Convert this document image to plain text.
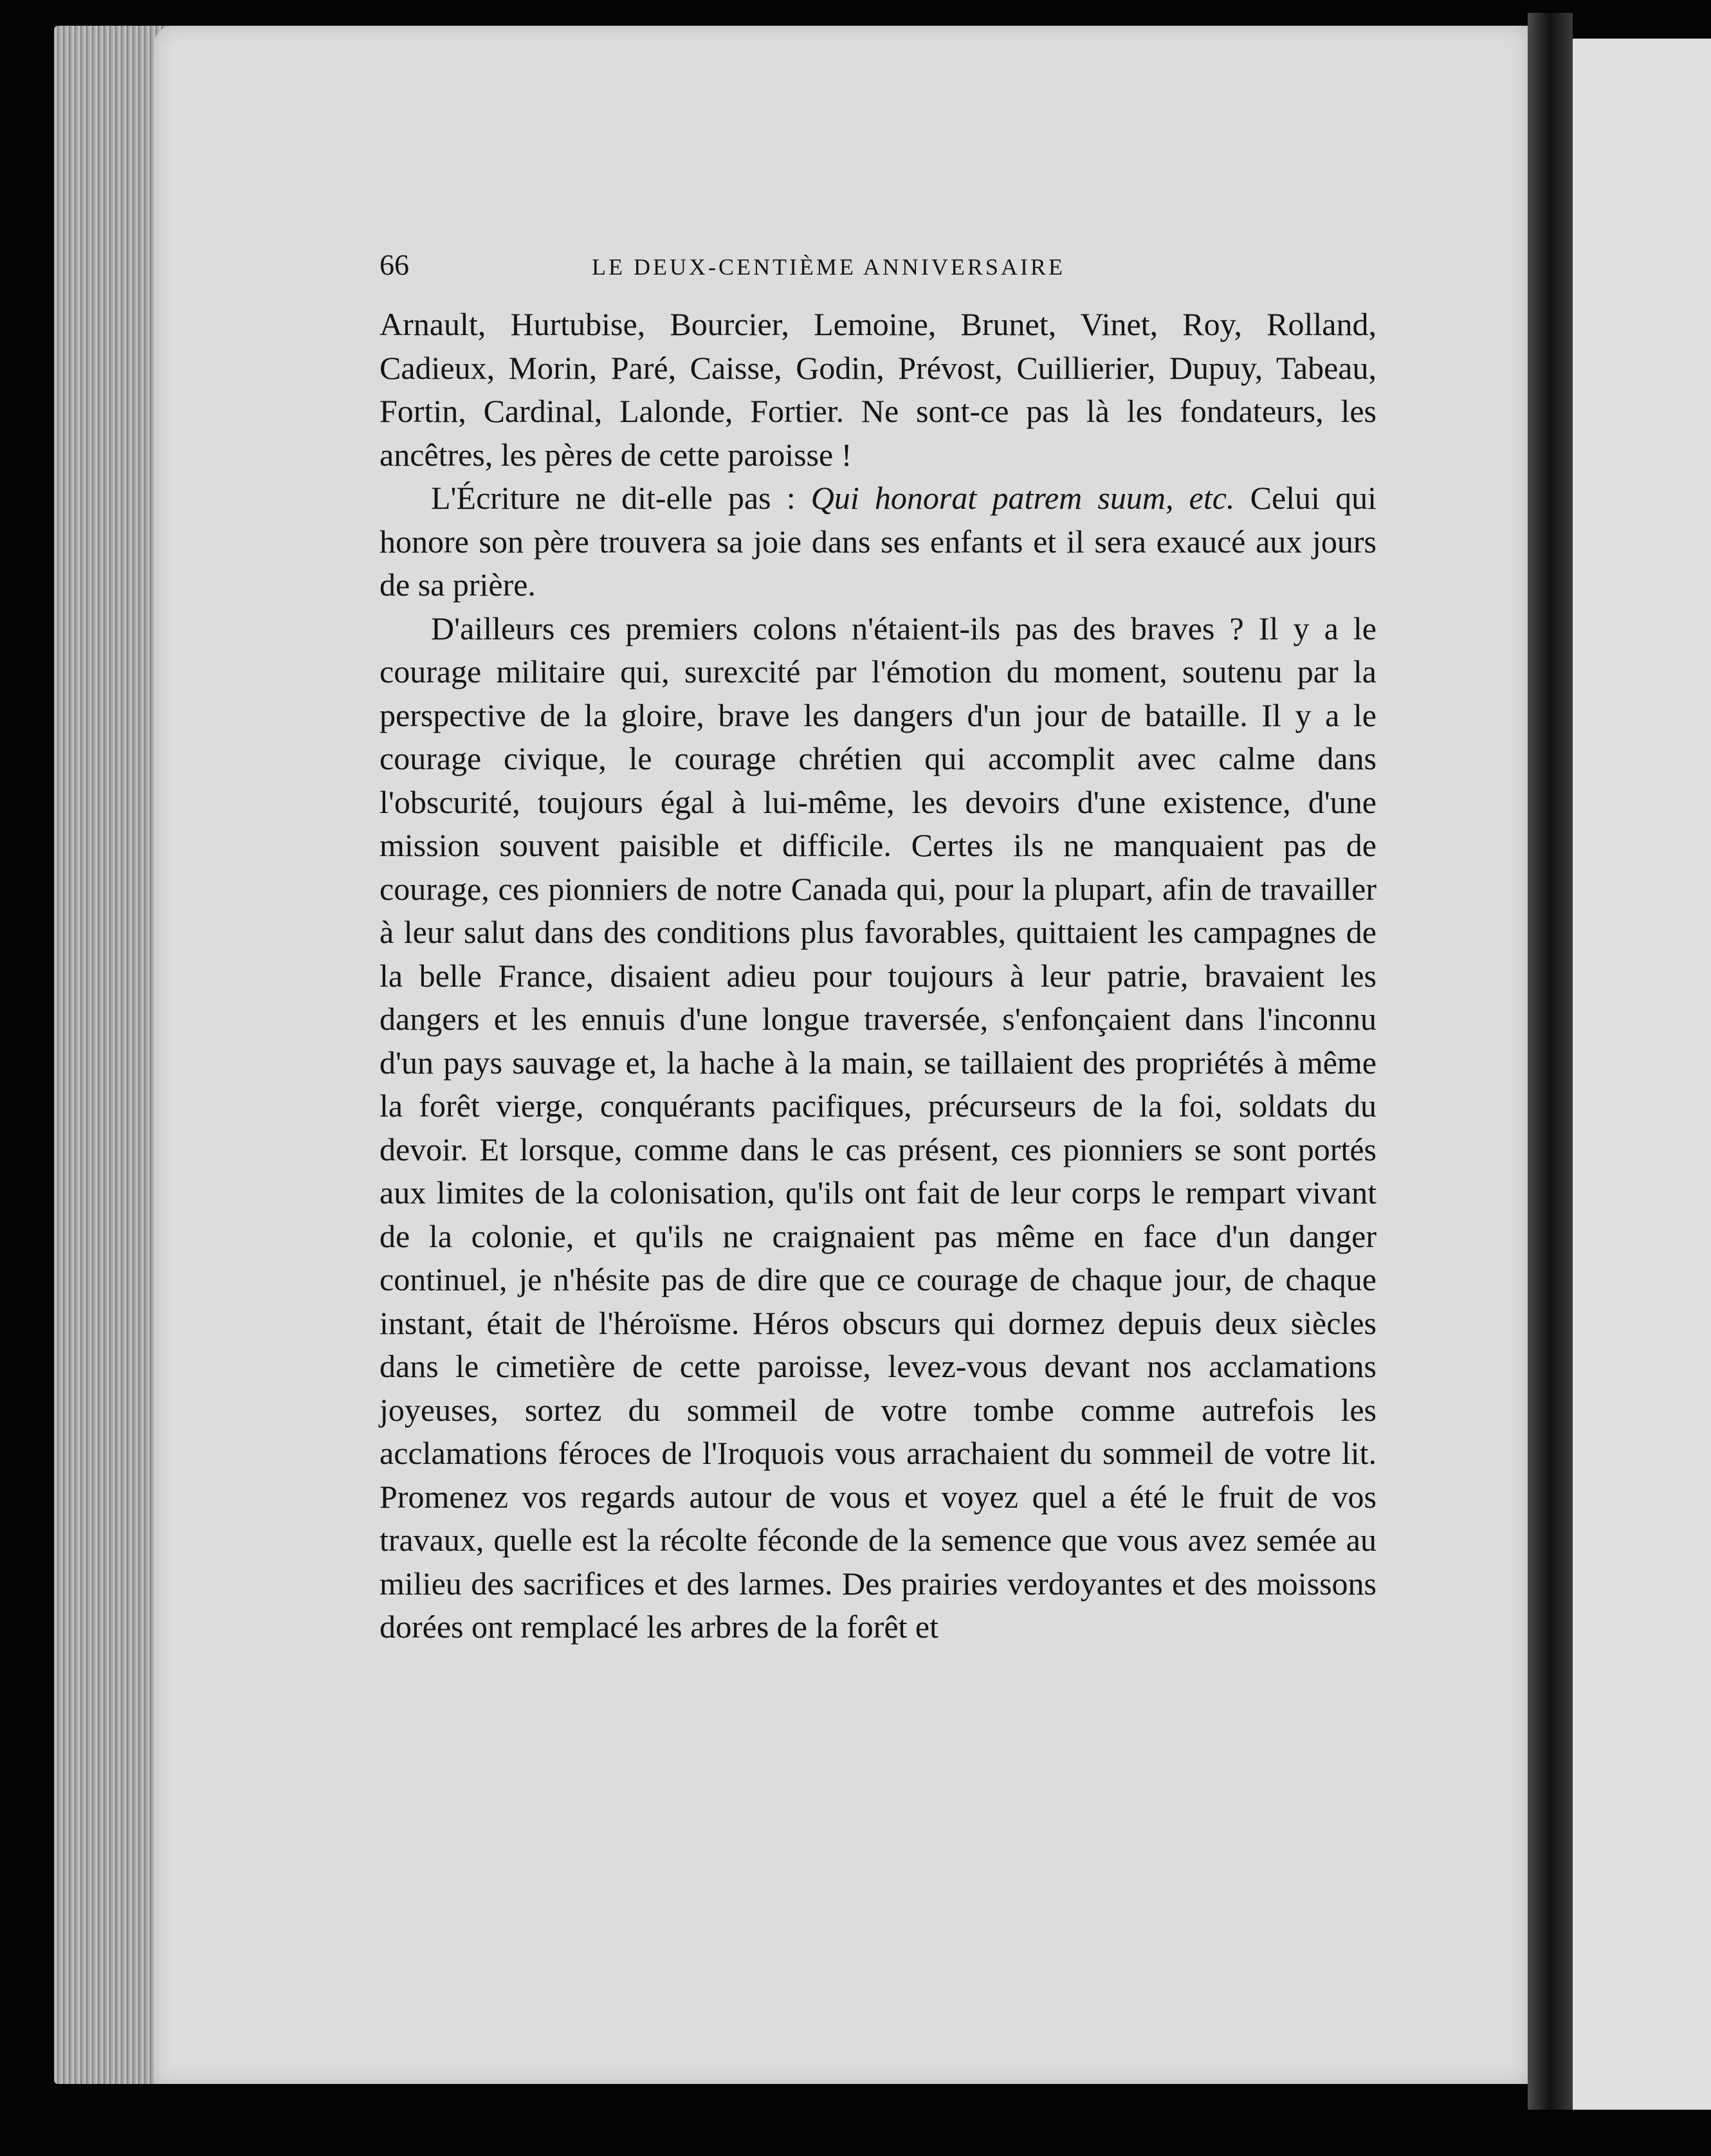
66	LE DEUX-CENTIÈME ANNIVERSAIRE

Arnault, Hurtubise, Bourcier, Lemoine, Brunet, Vinet, Roy, Rolland, Cadieux, Morin, Paré, Caisse, Godin, Prévost, Cuillierier, Dupuy, Tabeau, Fortin, Cardinal, Lalonde, Fortier. Ne sont-ce pas là les fondateurs, les ancêtres, les pères de cette paroisse !

L'Écriture ne dit-elle pas : Qui honorat patrem suum, etc. Celui qui honore son père trouvera sa joie dans ses enfants et il sera exaucé aux jours de sa prière.

D'ailleurs ces premiers colons n'étaient-ils pas des braves ? Il y a le courage militaire qui, surexcité par l'émotion du moment, soutenu par la perspective de la gloire, brave les dangers d'un jour de bataille. Il y a le courage civique, le courage chrétien qui accomplit avec calme dans l'obscurité, toujours égal à lui-même, les devoirs d'une existence, d'une mission souvent paisible et difficile. Certes ils ne manquaient pas de courage, ces pionniers de notre Canada qui, pour la plupart, afin de travailler à leur salut dans des conditions plus favorables, quittaient les campagnes de la belle France, disaient adieu pour toujours à leur patrie, bravaient les dangers et les ennuis d'une longue traversée, s'enfonçaient dans l'inconnu d'un pays sauvage et, la hache à la main, se taillaient des propriétés à même la forêt vierge, conquérants pacifiques, précurseurs de la foi, soldats du devoir. Et lorsque, comme dans le cas présent, ces pionniers se sont portés aux limites de la colonisation, qu'ils ont fait de leur corps le rempart vivant de la colonie, et qu'ils ne craignaient pas même en face d'un danger continuel, je n'hésite pas de dire que ce courage de chaque jour, de chaque instant, était de l'héroïsme. Héros obscurs qui dormez depuis deux siècles dans le cimetière de cette paroisse, levez-vous devant nos acclamations joyeuses, sortez du sommeil de votre tombe comme autrefois les acclamations féroces de l'Iroquois vous arrachaient du sommeil de votre lit. Promenez vos regards autour de vous et voyez quel a été le fruit de vos travaux, quelle est la récolte féconde de la semence que vous avez semée au milieu des sacrifices et des larmes. Des prairies verdoyantes et des moissons dorées ont remplacé les arbres de la forêt et
